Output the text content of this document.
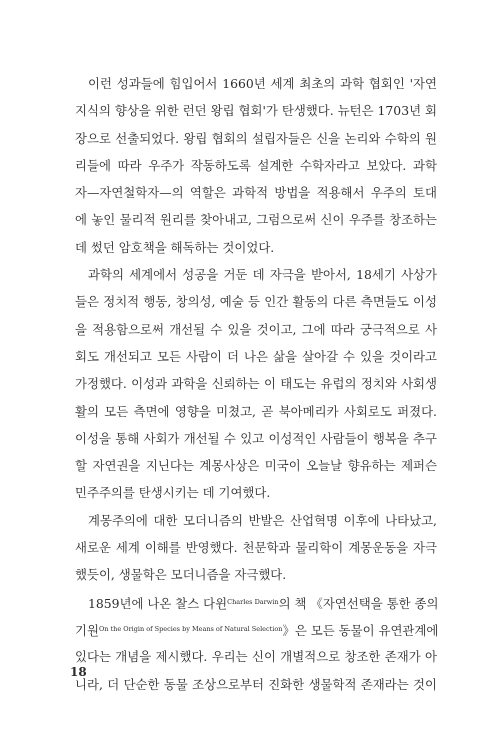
이런 성과들에 힘입어서 1660년 세계 최초의 과학 협회인 '자연
지식의 향상을 위한 런던 왕립 협회'가 탄생했다. 뉴턴은 1703년 회
장으로 선출되었다. 왕립 협회의 설립자들은 신을 논리와 수학의 원
리들에 따라 우주가 작동하도록 설계한 수학자라고 보았다. 과학
자—자연철학자—의 역할은 과학적 방법을 적용해서 우주의 토대
에 놓인 물리적 원리를 찾아내고, 그럼으로써 신이 우주를 창조하는
데 썼던 암호책을 해독하는 것이었다.
과학의 세계에서 성공을 거둔 데 자극을 받아서, 18세기 사상가
들은 정치적 행동, 창의성, 예술 등 인간 활동의 다른 측면들도 이성
을 적용함으로써 개선될 수 있을 것이고, 그에 따라 궁극적으로 사
회도 개선되고 모든 사람이 더 나은 삶을 살아갈 수 있을 것이라고
가정했다. 이성과 과학을 신뢰하는 이 태도는 유럽의 정치와 사회생
활의 모든 측면에 영향을 미쳤고, 곧 북아메리카 사회로도 퍼졌다.
이성을 통해 사회가 개선될 수 있고 이성적인 사람들이 행복을 추구
할 자연권을 지닌다는 계몽사상은 미국이 오늘날 향유하는 제퍼슨
민주주의를 탄생시키는 데 기여했다.
계몽주의에 대한 모더니즘의 반발은 산업혁명 이후에 나타났고,
새로운 세계 이해를 반영했다. 천문학과 물리학이 계몽운동을 자극
했듯이, 생물학은 모더니즘을 자극했다.
1859년에 나온 찰스 다윈$^{Charles Darwin}$의 책 《자연선택을 통한 종의
기원$^{On the Origin of Species by Means of Natural Selection}$》은 모든 동물이 유연관계에
있다는 개념을 제시했다. 우리는 신이 개별적으로 창조한 존재가 아
니라, 더 단순한 동물 조상으로부터 진화한 생물학적 존재라는 것이
18
